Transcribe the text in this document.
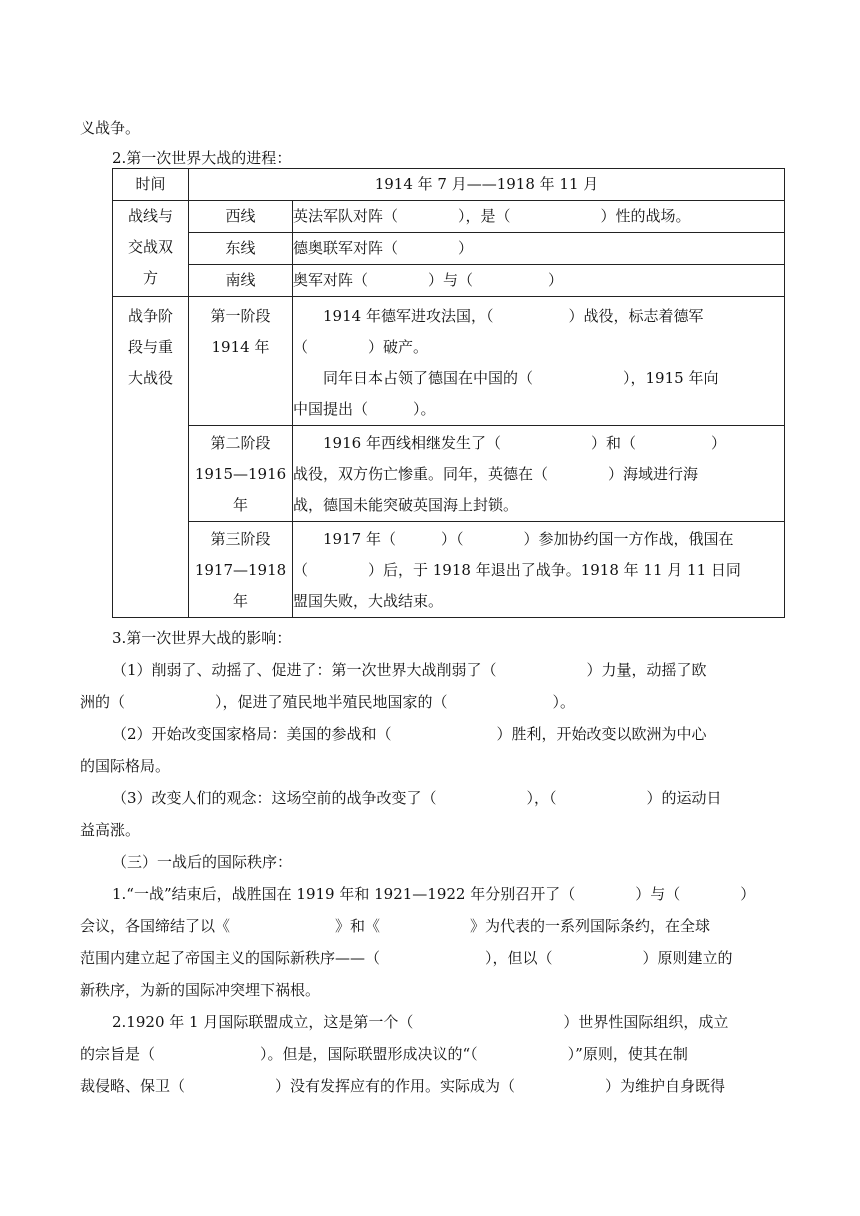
义战争。
2.第一次世界大战的进程：
时间	1914 年 7 月——1918 年 11 月	

战线与
交战双
方	西线	英法军队对阵（　　　　），是（　　　　　　）性的战场。
	东线	德奥联军对阵（　　　　）
	南线	奥军对阵（　　　　）与（　　　　　）

战争阶
段与重
大战役	第一阶段
1914 年	1914 年德军进攻法国，（　　　　　）战役，标志着德军
（　　　　）破产。
同年日本占领了德国在中国的（　　　　　　），1915 年向
中国提出（　　　）。

	第二阶段
1915—1916
年	1916 年西线相继发生了（　　　　　　）和（　　　　　）
战役，双方伤亡惨重。同年，英德在（　　　　）海域进行海
战，德国未能突破英国海上封锁。

	第三阶段
1917—1918
年	1917 年（　　　）（　　　　）参加协约国一方作战，俄国在
（　　　　）后，于 1918 年退出了战争。1918 年 11 月 11 日同
盟国失败，大战结束。
3.第一次世界大战的影响：
（1）削弱了、动摇了、促进了：第一次世界大战削弱了（　　　　　　）力量，动摇了欧
洲的（　　　　　　），促进了殖民地半殖民地国家的（　　　　　　　）。
（2）开始改变国家格局：美国的参战和（　　　　　　　）胜利，开始改变以欧洲为中心
的国际格局。
（3）改变人们的观念：这场空前的战争改变了（　　　　　　），（　　　　　　）的运动日
益高涨。
（三）一战后的国际秩序：
1.“一战”结束后，战胜国在 1919 年和 1921—1922 年分别召开了（　　　　）与（　　　　）
会议，各国缔结了以《　　　　　　　》和《　　　　　　》为代表的一系列国际条约，在全球
范围内建立起了帝国主义的国际新秩序——（　　　　　　　），但以（　　　　　　）原则建立的
新秩序，为新的国际冲突埋下祸根。
2.1920 年 1 月国际联盟成立，这是第一个（　　　　　　　　　　）世界性国际组织，成立
的宗旨是（　　　　　　　）。但是，国际联盟形成决议的“（　　　　　　）”原则，使其在制
裁侵略、保卫（　　　　　　）没有发挥应有的作用。实际成为（　　　　　　）为维护自身既得
